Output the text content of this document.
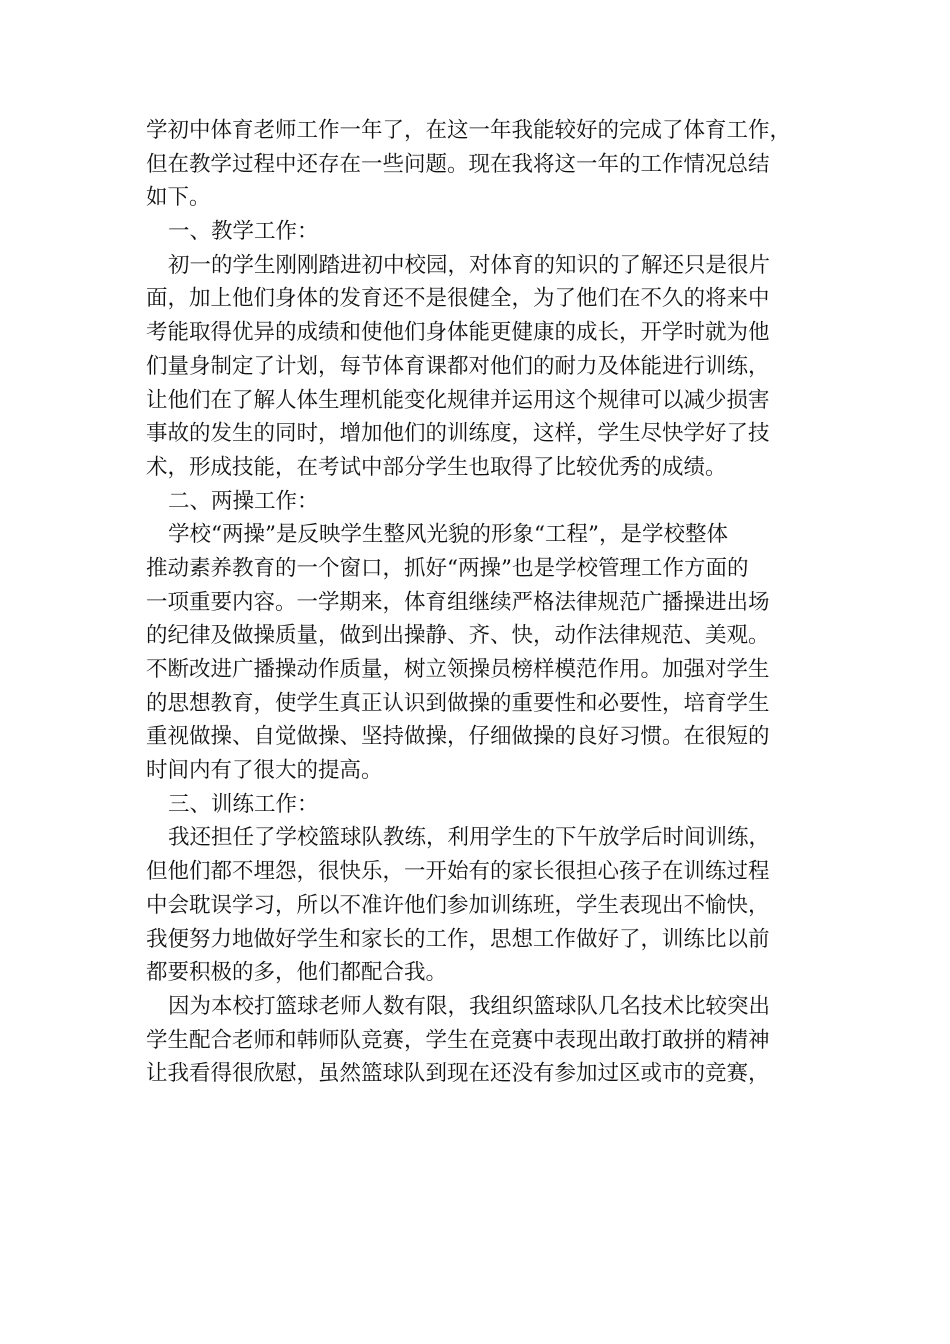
学初中体育老师工作一年了，在这一年我能较好的完成了体育工作，
但在教学过程中还存在一些问题。现在我将这一年的工作情况总结
如下。
一、教学工作：
初一的学生刚刚踏进初中校园，对体育的知识的了解还只是很片
面，加上他们身体的发育还不是很健全，为了他们在不久的将来中
考能取得优异的成绩和使他们身体能更健康的成长，开学时就为他
们量身制定了计划，每节体育课都对他们的耐力及体能进行训练，
让他们在了解人体生理机能变化规律并运用这个规律可以减少损害
事故的发生的同时，增加他们的训练度，这样，学生尽快学好了技
术，形成技能，在考试中部分学生也取得了比较优秀的成绩。
二、两操工作：
学校“两操”是反映学生整风光貌的形象“工程”，是学校整体
推动素养教育的一个窗口，抓好“两操”也是学校管理工作方面的
一项重要内容。一学期来，体育组继续严格法律规范广播操进出场
的纪律及做操质量，做到出操静、齐、快，动作法律规范、美观。
不断改进广播操动作质量，树立领操员榜样模范作用。加强对学生
的思想教育，使学生真正认识到做操的重要性和必要性，培育学生
重视做操、自觉做操、坚持做操，仔细做操的良好习惯。在很短的
时间内有了很大的提高。
三、训练工作：
我还担任了学校篮球队教练，利用学生的下午放学后时间训练，
但他们都不埋怨，很快乐，一开始有的家长很担心孩子在训练过程
中会耽误学习，所以不准许他们参加训练班，学生表现出不愉快，
我便努力地做好学生和家长的工作，思想工作做好了，训练比以前
都要积极的多，他们都配合我。
因为本校打篮球老师人数有限，我组织篮球队几名技术比较突出
学生配合老师和韩师队竞赛，学生在竞赛中表现出敢打敢拼的精神
让我看得很欣慰，虽然篮球队到现在还没有参加过区或市的竞赛，
